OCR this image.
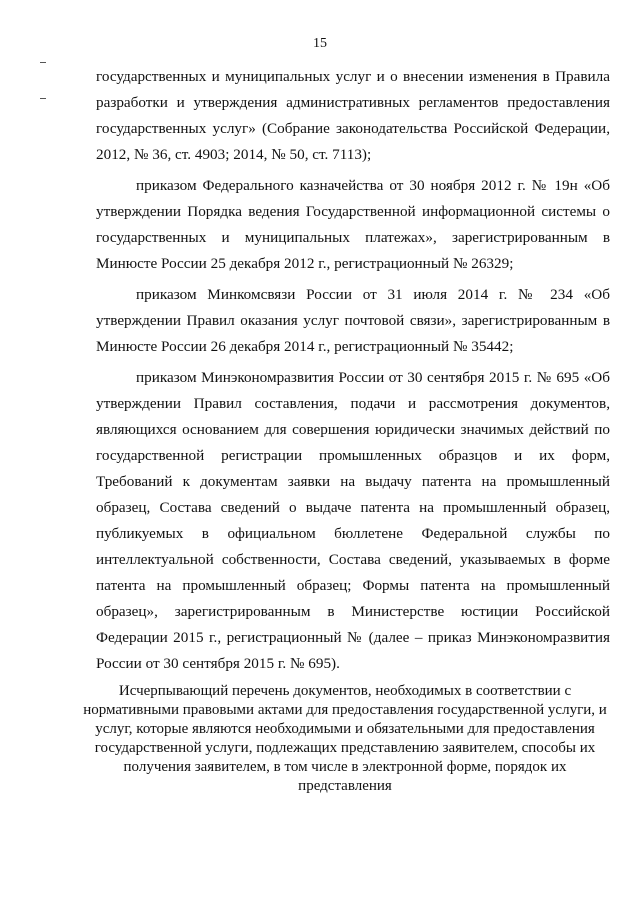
15

государственных и муниципальных услуг и о внесении изменения в Правила разработки и утверждения административных регламентов предоставления государственных услуг» (Собрание законодательства Российской Федерации, 2012, № 36, ст. 4903; 2014, № 50, ст. 7113);

приказом Федерального казначейства от 30 ноября 2012 г. № 19н «Об утверждении Порядка ведения Государственной информационной системы о государственных и муниципальных платежах», зарегистрированным в Минюсте России 25 декабря 2012 г., регистрационный № 26329;

приказом Минкомсвязи России от 31 июля 2014 г. № 234 «Об утверждении Правил оказания услуг почтовой связи», зарегистрированным в Минюсте России 26 декабря 2014 г., регистрационный № 35442;

приказом Минэкономразвития России от 30 сентября 2015 г. № 695 «Об утверждении Правил составления, подачи и рассмотрения документов, являющихся основанием для совершения юридически значимых действий по государственной регистрации промышленных образцов и их форм, Требований к документам заявки на выдачу патента на промышленный образец, Состава сведений о выдаче патента на промышленный образец, публикуемых в официальном бюллетене Федеральной службы по интеллектуальной собственности, Состава сведений, указываемых в форме патента на промышленный образец; Формы патента на промышленный образец», зарегистрированным в Министерстве юстиции Российской Федерации 2015 г., регистрационный № (далее – приказ Минэкономразвития России от 30 сентября 2015 г. № 695).

Исчерпывающий перечень документов, необходимых в соответствии с нормативными правовыми актами для предоставления государственной услуги, и услуг, которые являются необходимыми и обязательными для предоставления государственной услуги, подлежащих представлению заявителем, способы их получения заявителем, в том числе в электронной форме, порядок их представления
